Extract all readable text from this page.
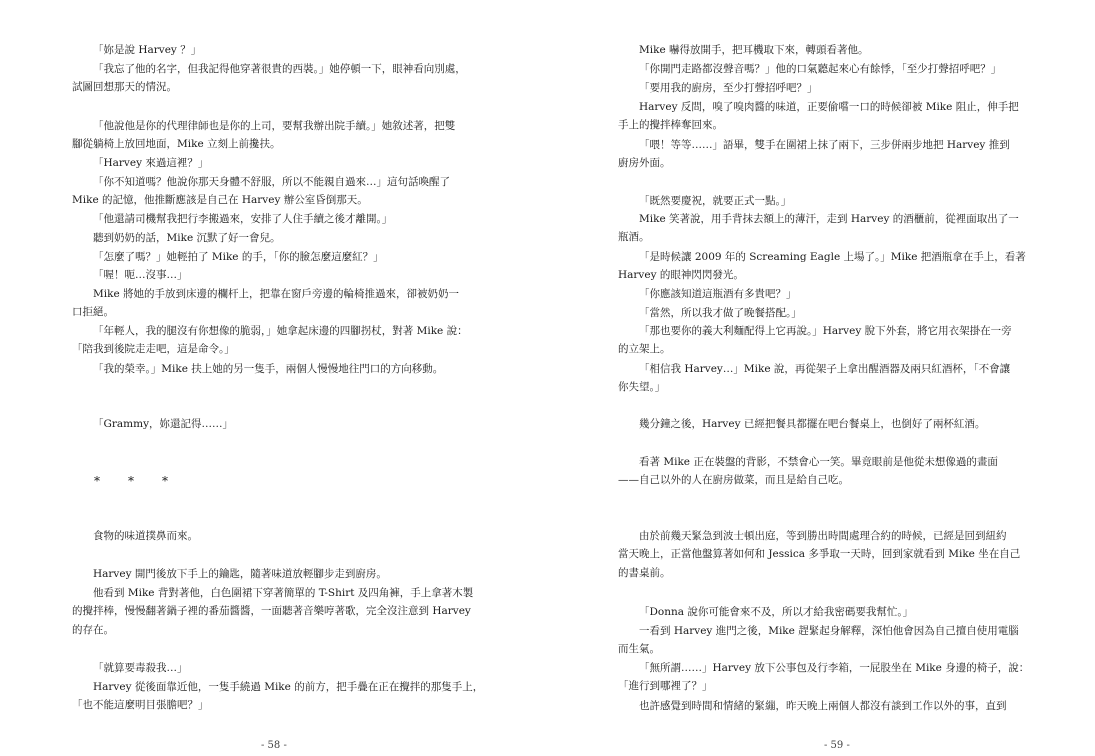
「妳是說 Harvey ？」

「我忘了他的名字，但我記得他穿著很貴的西裝。」她停頓一下，眼神看向別處，
試圖回想那天的情況。

「他說他是你的代理律師也是你的上司，要幫我辦出院手續。」她敘述著，把雙
腳從躺椅上放回地面，Mike 立刻上前攙扶。

「Harvey 來過這裡？」

「你不知道嗎？他說你那天身體不舒服，所以不能親自過來…」這句話喚醒了
Mike 的記憶，他推斷應該是自己在 Harvey 辦公室昏倒那天。

「他還請司機幫我把行李搬過來，安排了人住手續之後才離開。」

聽到奶奶的話，Mike 沉默了好一會兒。

「怎麼了嗎？」她輕拍了 Mike 的手，「你的臉怎麼這麼紅？」

「喔！呃…沒事…」

Mike 將她的手放到床邊的欄杆上，把靠在窗戶旁邊的輪椅推過來，卻被奶奶一
口拒絕。

「年輕人，我的腿沒有你想像的脆弱，」她拿起床邊的四腳拐杖，對著 Mike 說：
「陪我到後院走走吧，這是命令。」

「我的榮幸。」Mike 扶上她的另一隻手，兩個人慢慢地往門口的方向移動。

「Grammy，妳還記得……」

* * *

食物的味道撲鼻而來。

Harvey 開門後放下手上的鑰匙，隨著味道放輕腳步走到廚房。

他看到 Mike 背對著他，白色圍裙下穿著簡單的 T-Shirt 及四角褲，手上拿著木製
的攪拌棒，慢慢翻著鍋子裡的番茄醬醬，一面聽著音樂哼著歌，完全沒注意到 Harvey
的存在。

「就算要毒殺我…」

Harvey 從後面靠近他，一隻手繞過 Mike 的前方，把手疊在正在攪拌的那隻手上，
「也不能這麼明目張膽吧？」

- 58 -

Mike 嚇得放開手，把耳機取下來，轉頭看著他。

「你開門走路都沒聲音嗎？」他的口氣聽起來心有餘悸，「至少打聲招呼吧？」

「要用我的廚房，至少打聲招呼吧？」

Harvey 反問，嗅了嗅肉醬的味道，正要偷嚐一口的時候卻被 Mike 阻止，伸手把
手上的攪拌棒奪回來。

「喂！等等……」語畢，雙手在圍裙上抹了兩下，三步併兩步地把 Harvey 推到
廚房外面。

「既然要慶祝，就要正式一點。」

Mike 笑著說，用手背抹去額上的薄汗，走到 Harvey 的酒櫃前，從裡面取出了一
瓶酒。

「是時候讓 2009 年的 Screaming Eagle 上場了。」Mike 把酒瓶拿在手上，看著
Harvey 的眼神閃閃發光。

「你應該知道這瓶酒有多貴吧？」

「當然，所以我才做了晚餐搭配。」

「那也要你的義大利麵配得上它再說。」Harvey 脫下外套，將它用衣架掛在一旁
的立架上。

「相信我 Harvey…」Mike 說，再從架子上拿出醒酒器及兩只紅酒杯，「不會讓
你失望。」

幾分鐘之後，Harvey 已經把餐具都擺在吧台餐桌上，也倒好了兩杯紅酒。

看著 Mike 正在裝盤的背影，不禁會心一笑。畢竟眼前是他從未想像過的畫面
——自己以外的人在廚房做菜，而且是給自己吃。

由於前幾天緊急到波士頓出庭，等到勝出時間處理合約的時候，已經是回到紐約
當天晚上，正當他盤算著如何和 Jessica 多爭取一天時，回到家就看到 Mike 坐在自己
的書桌前。

「Donna 說你可能會來不及，所以才給我密碼要我幫忙。」

一看到 Harvey 進門之後，Mike 趕緊起身解釋，深怕他會因為自己擅自使用電腦
而生氣。

「無所謂……」Harvey 放下公事包及行李箱，一屁股坐在 Mike 身邊的椅子，說：
「進行到哪裡了？」

也許感覺到時間和情緒的緊繃，昨天晚上兩個人都沒有談到工作以外的事，直到

- 59 -
